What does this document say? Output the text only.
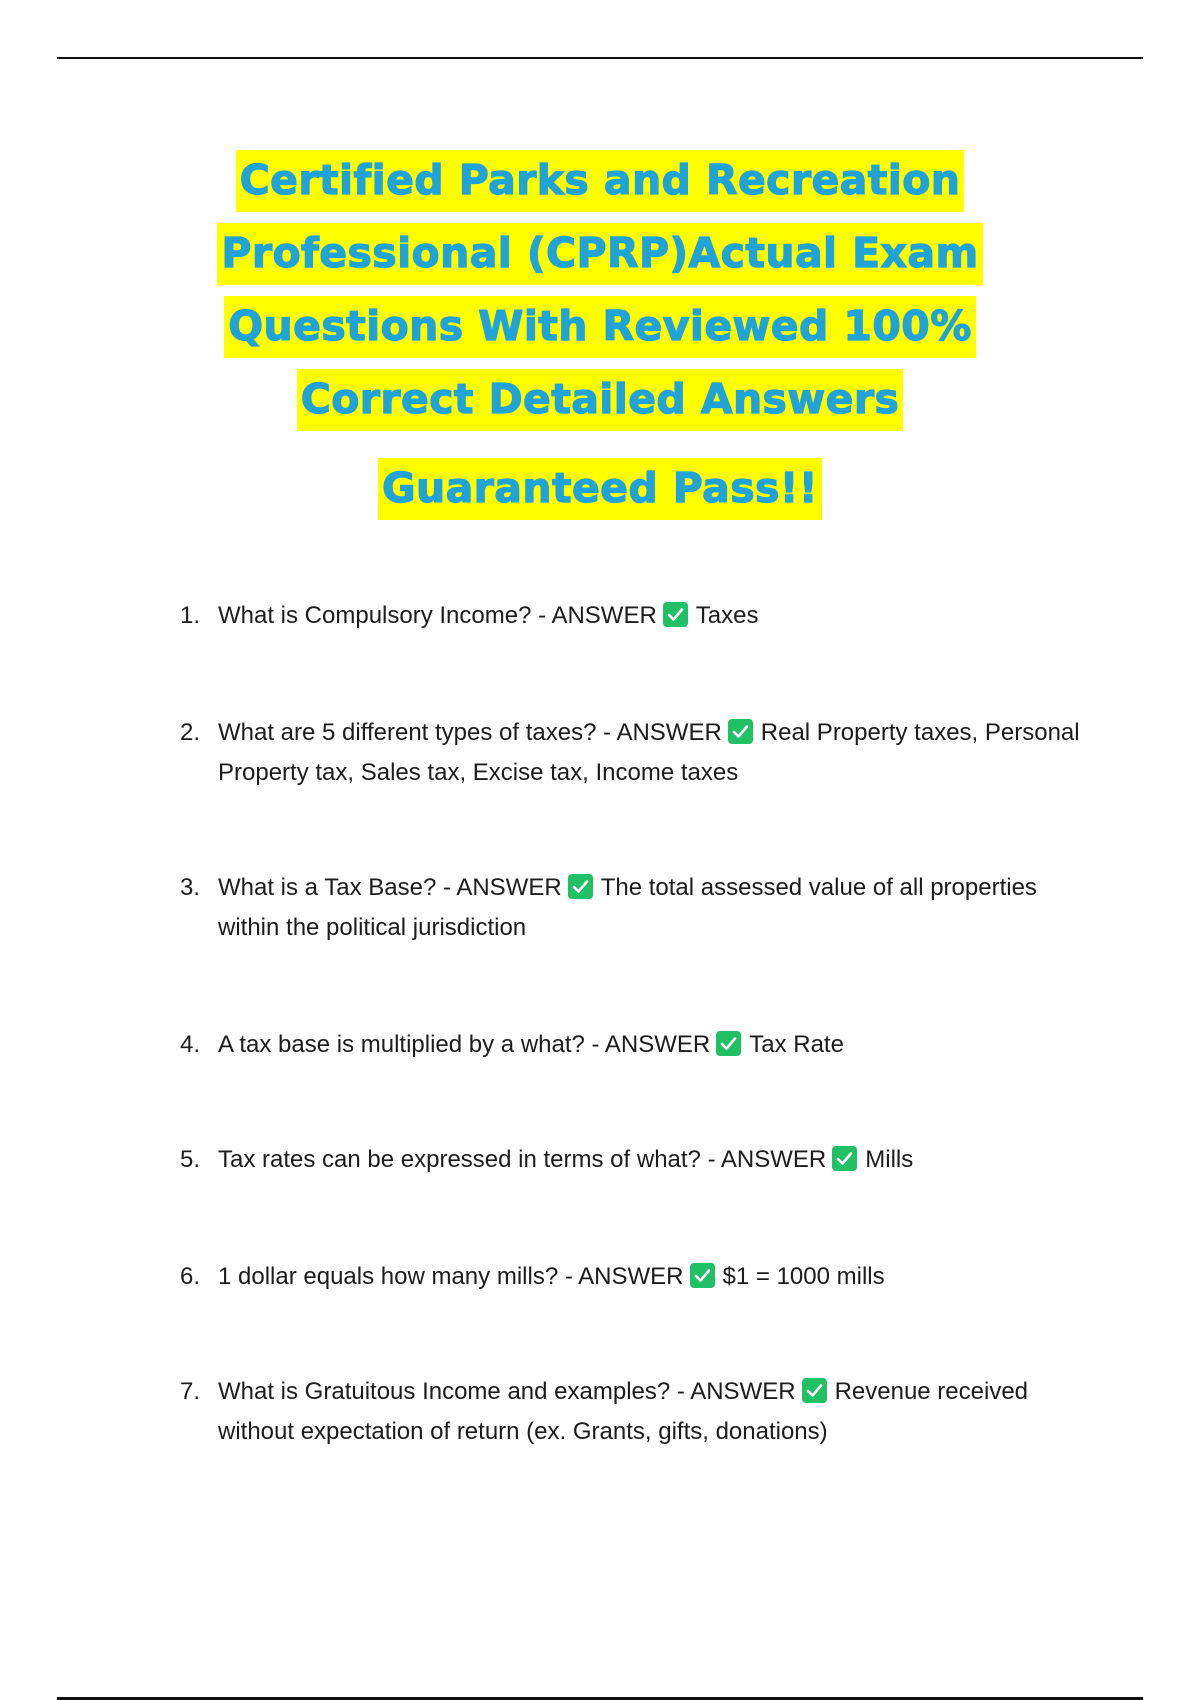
Certified Parks and Recreation
Professional (CPRP)Actual Exam
Questions With Reviewed 100%
Correct Detailed Answers
Guaranteed Pass!!
1. What is Compulsory Income? - ANSWER Taxes
2. What are 5 different types of taxes? - ANSWER Real Property taxes, Personal Property tax, Sales tax, Excise tax, Income taxes
3. What is a Tax Base? - ANSWER The total assessed value of all properties within the political jurisdiction
4. A tax base is multiplied by a what? - ANSWER Tax Rate
5. Tax rates can be expressed in terms of what? - ANSWER Mills
6. 1 dollar equals how many mills? - ANSWER $1 = 1000 mills
7. What is Gratuitous Income and examples? - ANSWER Revenue received without expectation of return (ex. Grants, gifts, donations)
